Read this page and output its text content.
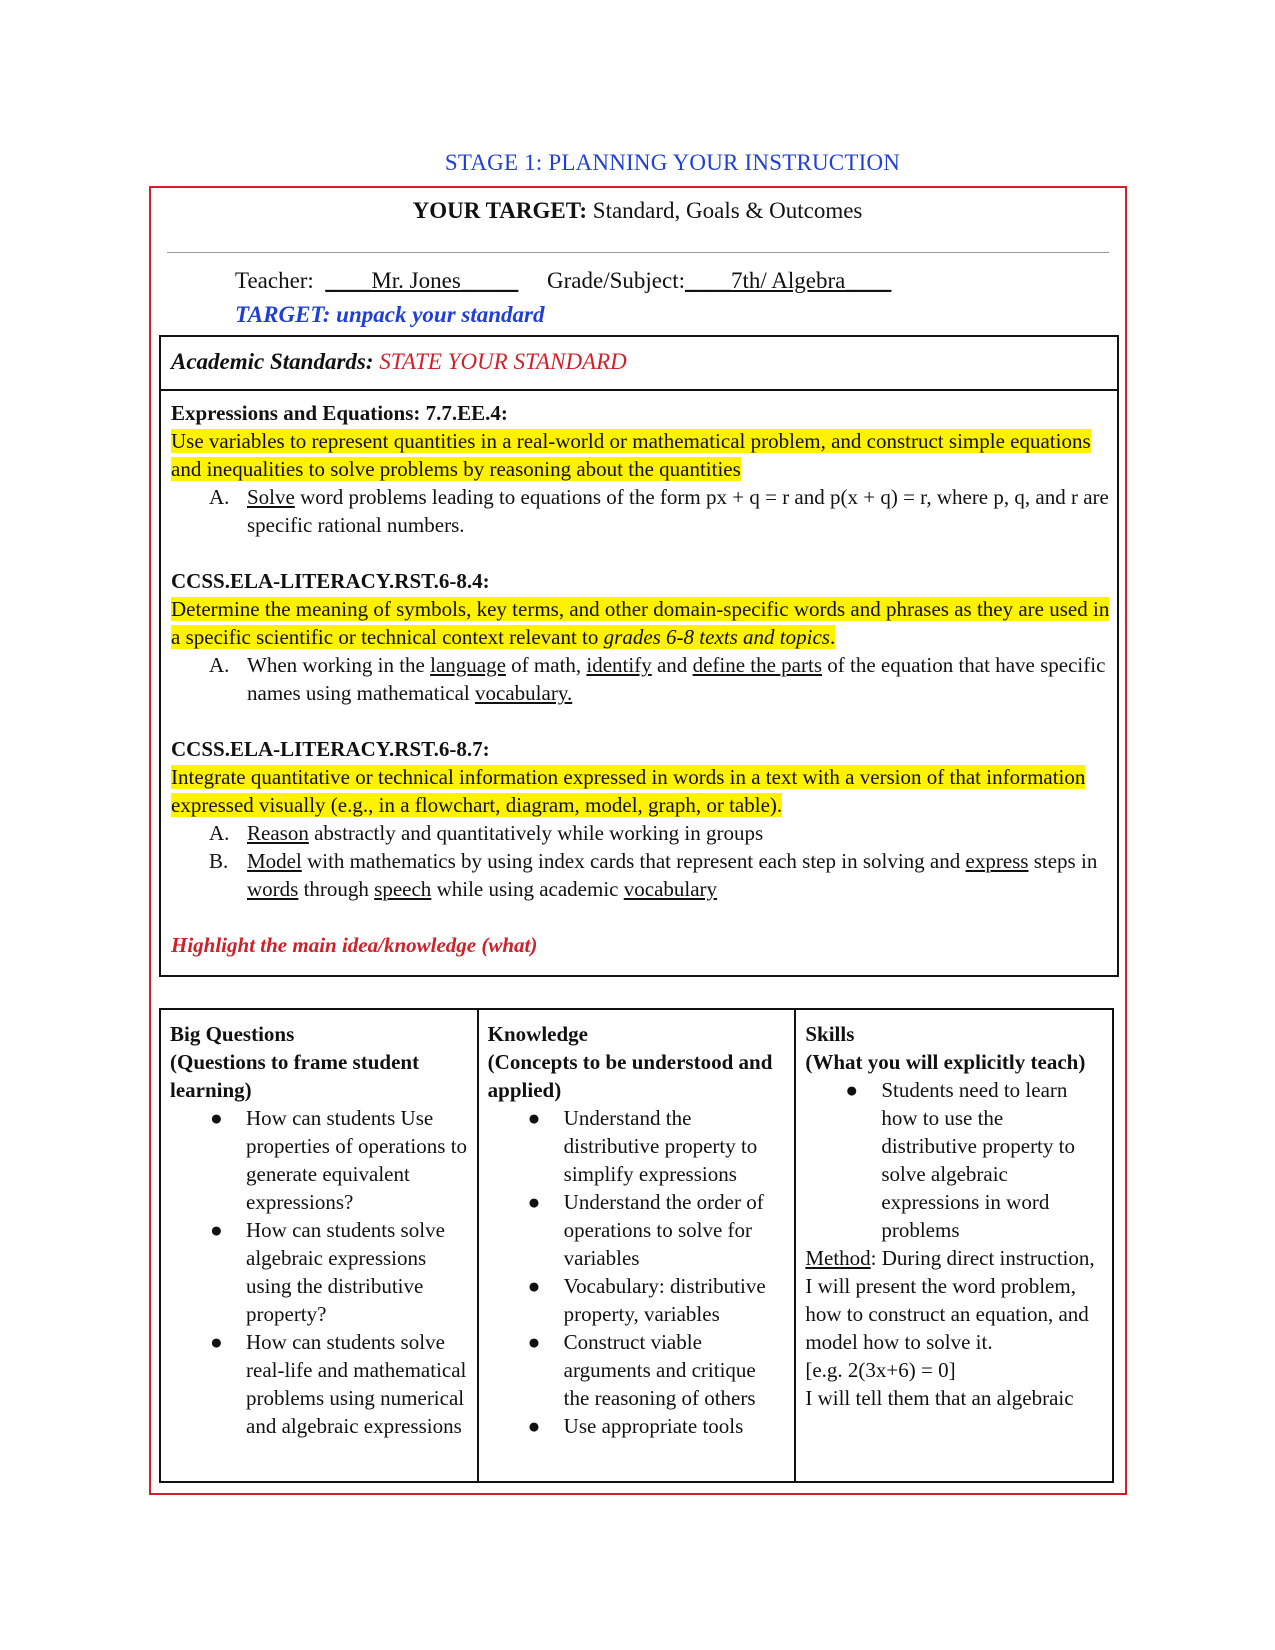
STAGE 1: PLANNING YOUR INSTRUCTION
YOUR TARGET: Standard, Goals & Outcomes
Teacher:  ____Mr. Jones_____     Grade/Subject:____7th/ Algebra____
TARGET: unpack your standard
Academic Standards: STATE YOUR STANDARD

Expressions and Equations: 7.7.EE.4:

Use variables to represent quantities in a real-world or mathematical problem, and construct simple equations and inequalities to solve problems by reasoning about the quantities
A. Solve word problems leading to equations of the form px + q = r and p(x + q) = r, where p, q, and r are specific rational numbers.

CCSS.ELA-LITERACY.RST.6-8.4:

Determine the meaning of symbols, key terms, and other domain-specific words and phrases as they are used in a specific scientific or technical context relevant to grades 6-8 texts and topics.
A. When working in the language of math, identify and define the parts of the equation that have specific names using mathematical vocabulary.

CCSS.ELA-LITERACY.RST.6-8.7:

Integrate quantitative or technical information expressed in words in a text with a version of that information expressed visually (e.g., in a flowchart, diagram, model, graph, or table).
A. Reason abstractly and quantitatively while working in groups
B. Model with mathematics by using index cards that represent each step in solving and express steps in words through speech while using academic vocabulary
Highlight the main idea/knowledge (what)
Big Questions
(Questions to frame student learning)
● How can students Use properties of operations to generate equivalent expressions?
● How can students solve algebraic expressions using the distributive property?
● How can students solve real-life and mathematical problems using numerical and algebraic expressions
Knowledge
(Concepts to be understood and applied)
● Understand the distributive property to simplify expressions
● Understand the order of operations to solve for variables
● Vocabulary: distributive property, variables
● Construct viable arguments and critique the reasoning of others
● Use appropriate tools
Skills
(What you will explicitly teach)
● Students need to learn how to use the distributive property to solve algebraic expressions in word problems
Method: During direct instruction, I will present the word problem, how to construct an equation, and model how to solve it.
[e.g. 2(3x+6) = 0]
I will tell them that an algebraic
